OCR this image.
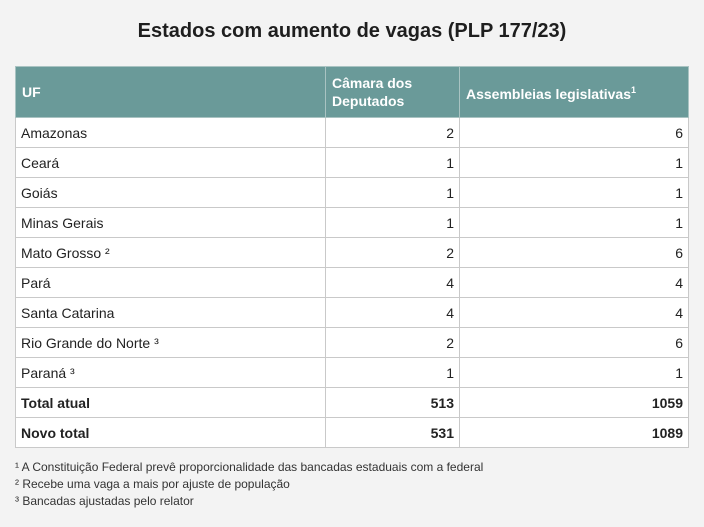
Estados com aumento de vagas (PLP 177/23)
UF	Câmara dos Deputados	Assembleias legislativas$^1$
Amazonas	2	6
Ceará	1	1
Goiás	1	1
Minas Gerais	1	1
Mato Grosso ²	2	6
Pará	4	4
Santa Catarina	4	4
Rio Grande do Norte ³	2	6
Paraná ³	1	1
Total atual	513	1059
Novo total	531	1089
¹ A Constituição Federal prevê proporcionalidade das bancadas estaduais com a federal
² Recebe uma vaga a mais por ajuste de população
³ Bancadas ajustadas pelo relator
